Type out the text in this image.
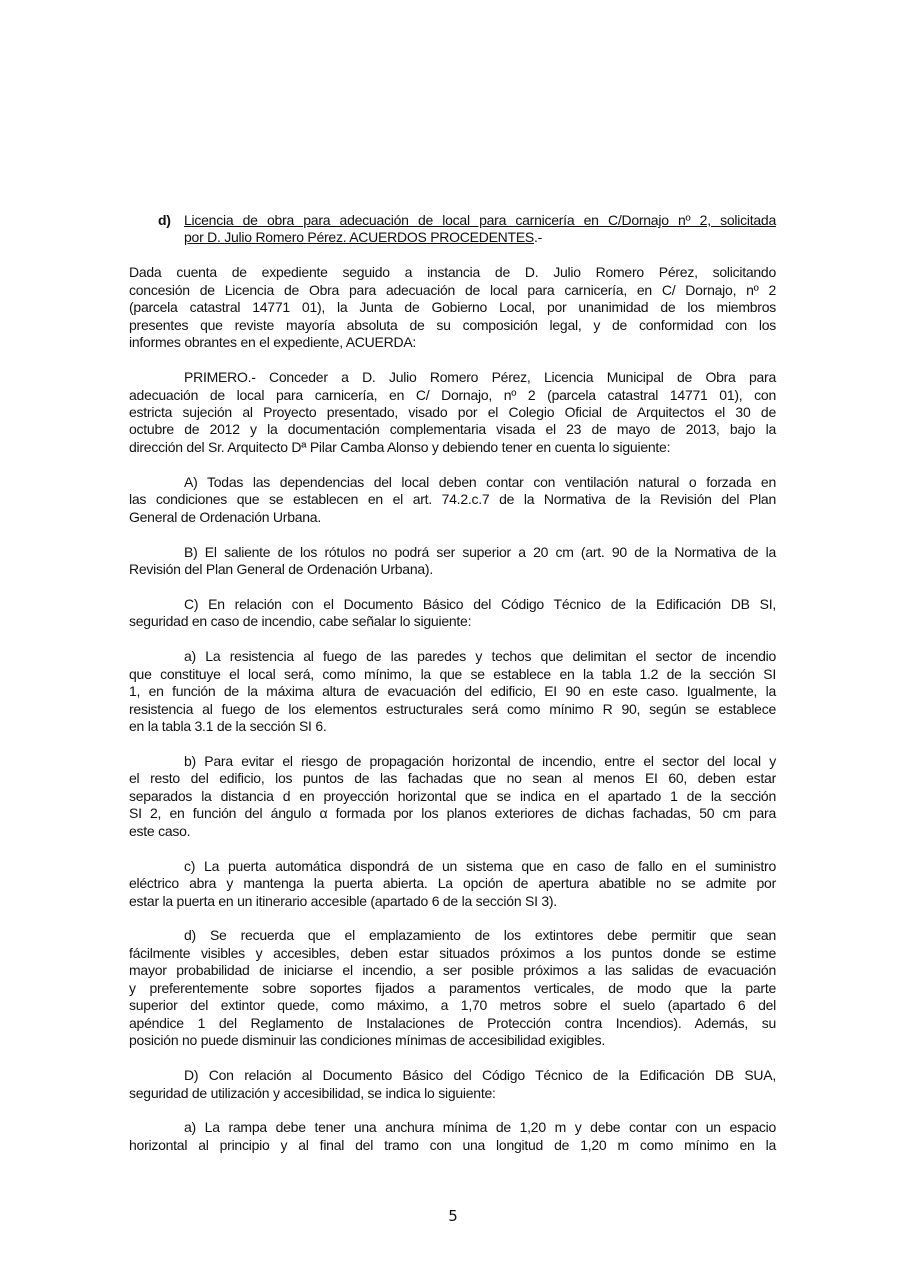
d) Licencia de obra para adecuación de local para carnicería en C/Dornajo nº 2, solicitada
por D. Julio Romero Pérez. ACUERDOS PROCEDENTES.-
Dada cuenta de expediente seguido a instancia de D. Julio Romero Pérez, solicitando
concesión de Licencia de Obra para adecuación de local para carnicería, en C/ Dornajo, nº 2
(parcela catastral 14771 01), la Junta de Gobierno Local, por unanimidad de los miembros
presentes que reviste mayoría absoluta de su composición legal, y de conformidad con los
informes obrantes en el expediente, ACUERDA:
PRIMERO.- Conceder a D. Julio Romero Pérez, Licencia Municipal de Obra para
adecuación de local para carnicería, en C/ Dornajo, nº 2 (parcela catastral 14771 01), con
estricta sujeción al Proyecto presentado, visado por el Colegio Oficial de Arquitectos el 30 de
octubre de 2012 y la documentación complementaria visada el 23 de mayo de 2013, bajo la
dirección del Sr. Arquitecto Dª Pilar Camba Alonso y debiendo tener en cuenta lo siguiente:
A) Todas las dependencias del local deben contar con ventilación natural o forzada en
las condiciones que se establecen en el art. 74.2.c.7 de la Normativa de la Revisión del Plan
General de Ordenación Urbana.
B) El saliente de los rótulos no podrá ser superior a 20 cm (art. 90 de la Normativa de la
Revisión del Plan General de Ordenación Urbana).
C) En relación con el Documento Básico del Código Técnico de la Edificación DB SI,
seguridad en caso de incendio, cabe señalar lo siguiente:
a) La resistencia al fuego de las paredes y techos que delimitan el sector de incendio
que constituye el local será, como mínimo, la que se establece en la tabla 1.2 de la sección SI
1, en función de la máxima altura de evacuación del edificio, EI 90 en este caso. Igualmente, la
resistencia al fuego de los elementos estructurales será como mínimo R 90, según se establece
en la tabla 3.1 de la sección SI 6.
b) Para evitar el riesgo de propagación horizontal de incendio, entre el sector del local y
el resto del edificio, los puntos de las fachadas que no sean al menos EI 60, deben estar
separados la distancia d en proyección horizontal que se indica en el apartado 1 de la sección
SI 2, en función del ángulo α formada por los planos exteriores de dichas fachadas, 50 cm para
este caso.
c) La puerta automática dispondrá de un sistema que en caso de fallo en el suministro
eléctrico abra y mantenga la puerta abierta. La opción de apertura abatible no se admite por
estar la puerta en un itinerario accesible (apartado 6 de la sección SI 3).
d) Se recuerda que el emplazamiento de los extintores debe permitir que sean
fácilmente visibles y accesibles, deben estar situados próximos a los puntos donde se estime
mayor probabilidad de iniciarse el incendio, a ser posible próximos a las salidas de evacuación
y preferentemente sobre soportes fijados a paramentos verticales, de modo que la parte
superior del extintor quede, como máximo, a 1,70 metros sobre el suelo (apartado 6 del
apéndice 1 del Reglamento de Instalaciones de Protección contra Incendios). Además, su
posición no puede disminuir las condiciones mínimas de accesibilidad exigibles.
D) Con relación al Documento Básico del Código Técnico de la Edificación DB SUA,
seguridad de utilización y accesibilidad, se indica lo siguiente:
a) La rampa debe tener una anchura mínima de 1,20 m y debe contar con un espacio
horizontal al principio y al final del tramo con una longitud de 1,20 m como mínimo en la
5
